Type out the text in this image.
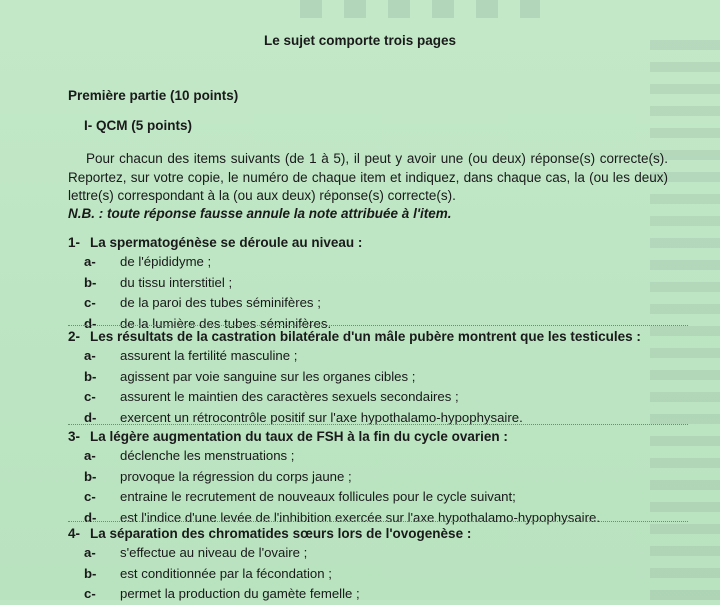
Le sujet comporte trois pages
Première partie (10 points)
I- QCM (5 points)
Pour chacun des items suivants (de 1 à 5), il peut y avoir une (ou deux) réponse(s) correcte(s). Reportez, sur votre copie, le numéro de chaque item et indiquez, dans chaque cas, la (ou les deux) lettre(s) correspondant à la (ou aux deux) réponse(s) correcte(s).
N.B. : toute réponse fausse annule la note attribuée à l'item.
1- La spermatogénèse se déroule au niveau :
a- de l'épididyme ;
b- du tissu interstitiel ;
c- de la paroi des tubes séminifères ;
d- de la lumière des tubes séminifères.
2- Les résultats de la castration bilatérale d'un mâle pubère montrent que les testicules :
a- assurent la fertilité masculine ;
b- agissent par voie sanguine sur les organes cibles ;
c- assurent le maintien des caractères sexuels secondaires ;
d- exercent un rétrocontrôle positif sur l'axe hypothalamo-hypophysaire.
3- La légère augmentation du taux de FSH à la fin du cycle ovarien :
a- déclenche les menstruations ;
b- provoque la régression du corps jaune ;
c- entraine le recrutement de nouveaux follicules pour le cycle suivant;
d- est l'indice d'une levée de l'inhibition exercée sur l'axe hypothalamo-hypophysaire.
4- La séparation des chromatides sœurs lors de l'ovogenèse :
a- s'effectue au niveau de l'ovaire ;
b- est conditionnée par la fécondation ;
c- permet la production du gamète femelle ;
